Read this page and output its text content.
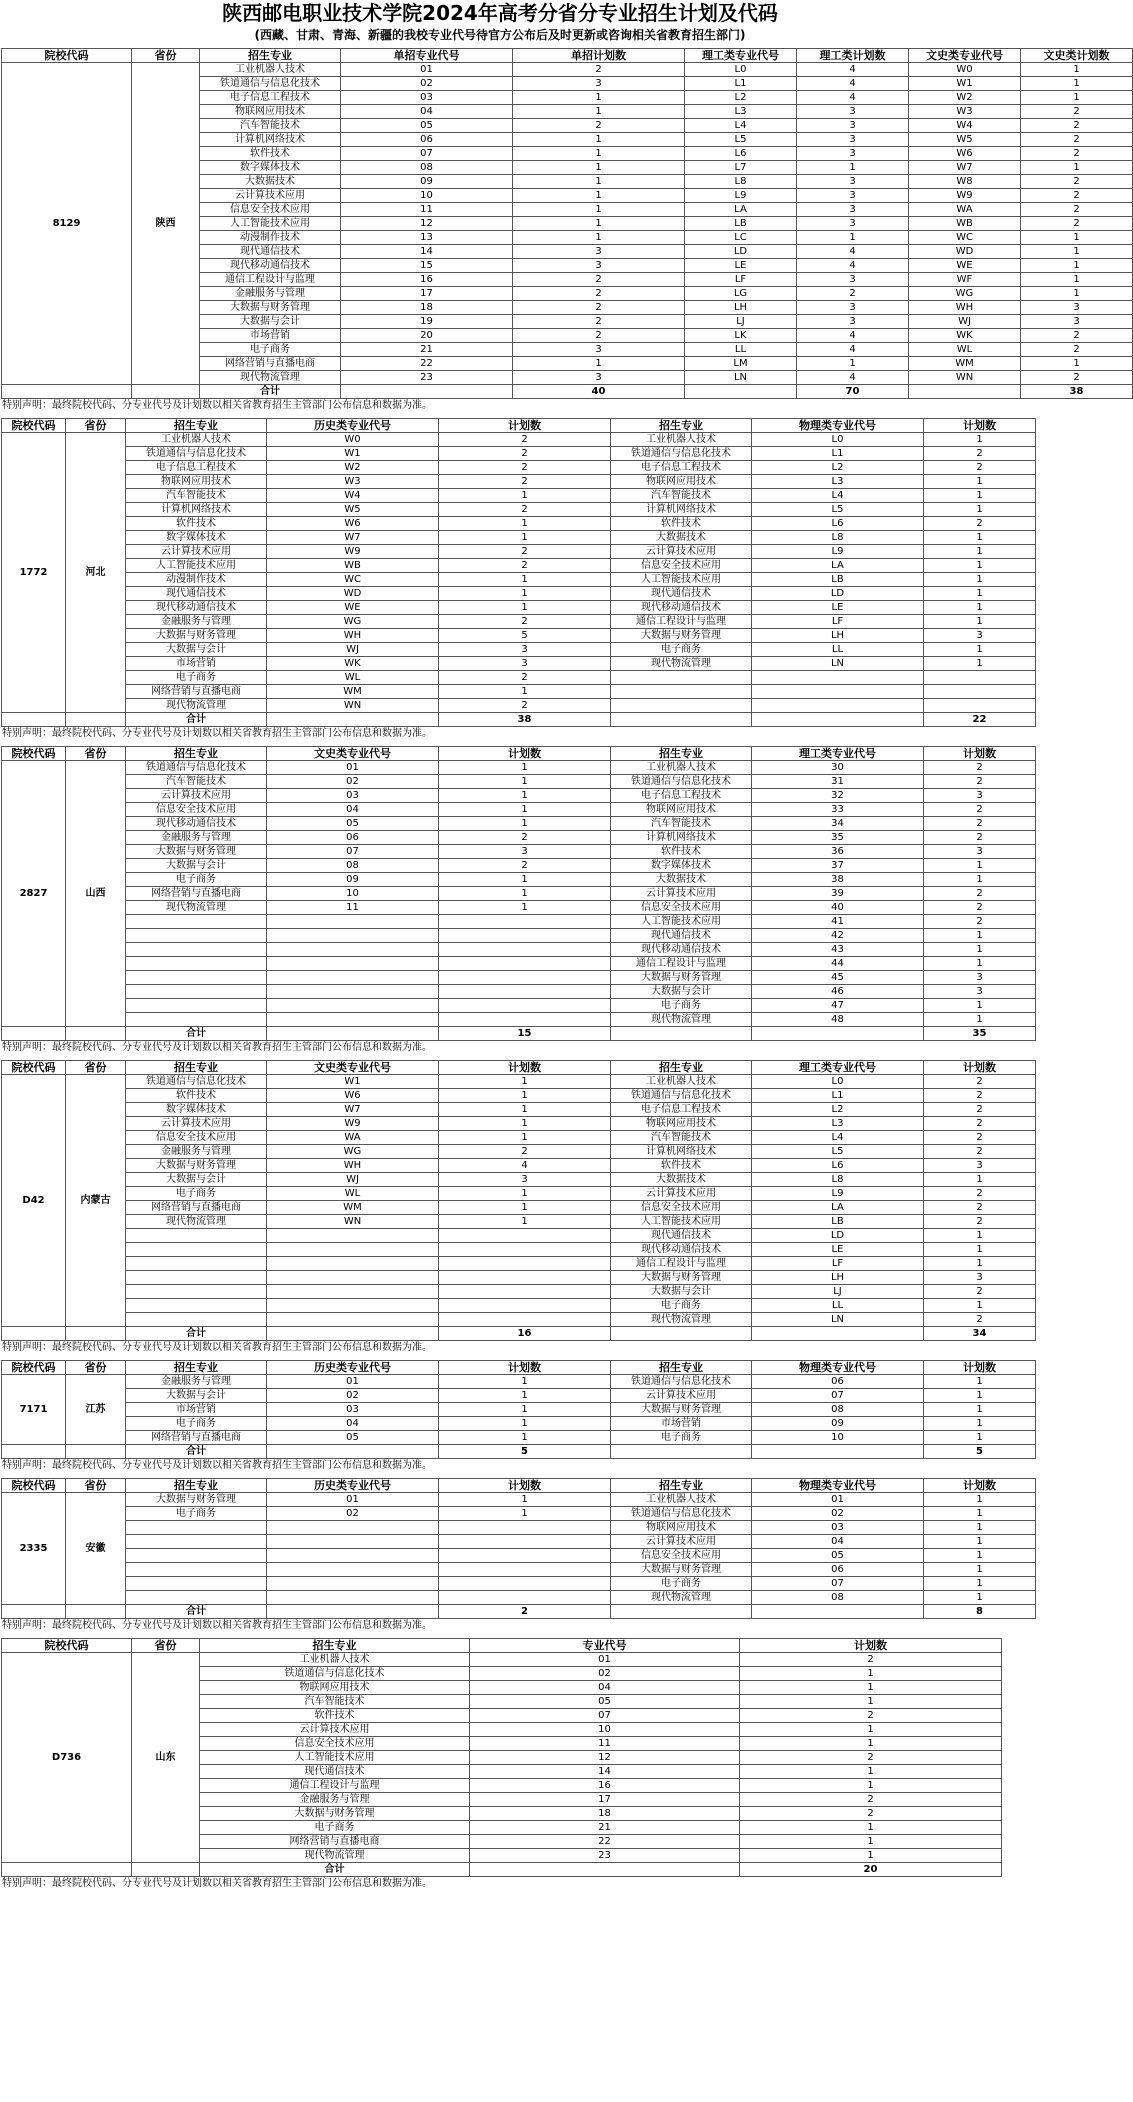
陕西邮电职业技术学院2024年高考分省分专业招生计划及代码
(西藏、甘肃、青海、新疆的我校专业代号待官方公布后及时更新或咨询相关省教育招生部门)
院校代码	省份	招生专业	单招专业代号	单招计划数	理工类专业代号	理工类计划数	文史类专业代号	文史类计划数
8129	陕西	工业机器人技术	01	2	L0	4	W0	1
		铁道通信与信息化技术	02	3	L1	4	W1	1
		电子信息工程技术	03	1	L2	4	W2	1
		物联网应用技术	04	1	L3	3	W3	2
		汽车智能技术	05	2	L4	3	W4	2
		计算机网络技术	06	1	L5	3	W5	2
		软件技术	07	1	L6	3	W6	2
		数字媒体技术	08	1	L7	1	W7	1
		大数据技术	09	1	L8	3	W8	2
		云计算技术应用	10	1	L9	3	W9	2
		信息安全技术应用	11	1	LA	3	WA	2
		人工智能技术应用	12	1	LB	3	WB	2
		动漫制作技术	13	1	LC	1	WC	1
		现代通信技术	14	3	LD	4	WD	1
		现代移动通信技术	15	3	LE	4	WE	1
		通信工程设计与监理	16	2	LF	3	WF	1
		金融服务与管理	17	2	LG	2	WG	1
		大数据与财务管理	18	2	LH	3	WH	3
		大数据与会计	19	2	LJ	3	WJ	3
		市场营销	20	2	LK	4	WK	2
		电子商务	21	3	LL	4	WL	2
		网络营销与直播电商	22	1	LM	1	WM	1
		现代物流管理	23	3	LN	4	WN	2
		合计		40		70		38
特别声明：最终院校代码、分专业代号及计划数以相关省教育招生主管部门公布信息和数据为准。
院校代码	省份	招生专业	历史类专业代号	计划数	招生专业	物理类专业代号	计划数
1772	河北	工业机器人技术	W0	2	工业机器人技术	L0	1
		铁道通信与信息化技术	W1	2	铁道通信与信息化技术	L1	2
		电子信息工程技术	W2	2	电子信息工程技术	L2	2
		物联网应用技术	W3	2	物联网应用技术	L3	1
		汽车智能技术	W4	1	汽车智能技术	L4	1
		计算机网络技术	W5	2	计算机网络技术	L5	1
		软件技术	W6	1	软件技术	L6	2
		数字媒体技术	W7	1	大数据技术	L8	1
		云计算技术应用	W9	2	云计算技术应用	L9	1
		人工智能技术应用	WB	2	信息安全技术应用	LA	1
		动漫制作技术	WC	1	人工智能技术应用	LB	1
		现代通信技术	WD	1	现代通信技术	LD	1
		现代移动通信技术	WE	1	现代移动通信技术	LE	1
		金融服务与管理	WG	2	通信工程设计与监理	LF	1
		大数据与财务管理	WH	5	大数据与财务管理	LH	3
		大数据与会计	WJ	3	电子商务	LL	1
		市场营销	WK	3	现代物流管理	LN	1
		电子商务	WL	2			
		网络营销与直播电商	WM	1			
		现代物流管理	WN	2			
		合计		38			22
特别声明：最终院校代码、分专业代号及计划数以相关省教育招生主管部门公布信息和数据为准。
院校代码	省份	招生专业	文史类专业代号	计划数	招生专业	理工类专业代号	计划数
2827	山西	铁道通信与信息化技术	01	1	工业机器人技术	30	2
		汽车智能技术	02	1	铁道通信与信息化技术	31	2
		云计算技术应用	03	1	电子信息工程技术	32	3
		信息安全技术应用	04	1	物联网应用技术	33	2
		现代移动通信技术	05	1	汽车智能技术	34	2
		金融服务与管理	06	2	计算机网络技术	35	2
		大数据与财务管理	07	3	软件技术	36	3
		大数据与会计	08	2	数字媒体技术	37	1
		电子商务	09	1	大数据技术	38	1
		网络营销与直播电商	10	1	云计算技术应用	39	2
		现代物流管理	11	1	信息安全技术应用	40	2
					人工智能技术应用	41	2
					现代通信技术	42	1
					现代移动通信技术	43	1
					通信工程设计与监理	44	1
					大数据与财务管理	45	3
					大数据与会计	46	3
					电子商务	47	1
					现代物流管理	48	1
		合计		15			35
特别声明：最终院校代码、分专业代号及计划数以相关省教育招生主管部门公布信息和数据为准。
院校代码	省份	招生专业	文史类专业代号	计划数	招生专业	理工类专业代号	计划数
D42	内蒙古	铁道通信与信息化技术	W1	1	工业机器人技术	L0	2
		软件技术	W6	1	铁道通信与信息化技术	L1	2
		数字媒体技术	W7	1	电子信息工程技术	L2	2
		云计算技术应用	W9	1	物联网应用技术	L3	2
		信息安全技术应用	WA	1	汽车智能技术	L4	2
		金融服务与管理	WG	2	计算机网络技术	L5	2
		大数据与财务管理	WH	4	软件技术	L6	3
		大数据与会计	WJ	3	大数据技术	L8	1
		电子商务	WL	1	云计算技术应用	L9	2
		网络营销与直播电商	WM	1	信息安全技术应用	LA	2
		现代物流管理	WN	1	人工智能技术应用	LB	2
					现代通信技术	LD	1
					现代移动通信技术	LE	1
					通信工程设计与监理	LF	1
					大数据与财务管理	LH	3
					大数据与会计	LJ	2
					电子商务	LL	1
					现代物流管理	LN	2
		合计		16			34
特别声明：最终院校代码、分专业代号及计划数以相关省教育招生主管部门公布信息和数据为准。
院校代码	省份	招生专业	历史类专业代号	计划数	招生专业	物理类专业代号	计划数
7171	江苏	金融服务与管理	01	1	铁道通信与信息化技术	06	1
		大数据与会计	02	1	云计算技术应用	07	1
		市场营销	03	1	大数据与财务管理	08	1
		电子商务	04	1	市场营销	09	1
		网络营销与直播电商	05	1	电子商务	10	1
		合计		5			5
特别声明：最终院校代码、分专业代号及计划数以相关省教育招生主管部门公布信息和数据为准。
院校代码	省份	招生专业	历史类专业代号	计划数	招生专业	物理类专业代号	计划数
2335	安徽	大数据与财务管理	01	1	工业机器人技术	01	1
		电子商务	02	1	铁道通信与信息化技术	02	1
					物联网应用技术	03	1
					云计算技术应用	04	1
					信息安全技术应用	05	1
					大数据与财务管理	06	1
					电子商务	07	1
					现代物流管理	08	1
		合计		2			8
特别声明：最终院校代码、分专业代号及计划数以相关省教育招生主管部门公布信息和数据为准。
院校代码	省份	招生专业	专业代号	计划数
D736	山东	工业机器人技术	01	2
		铁道通信与信息化技术	02	1
		物联网应用技术	04	1
		汽车智能技术	05	1
		软件技术	07	2
		云计算技术应用	10	1
		信息安全技术应用	11	1
		人工智能技术应用	12	2
		现代通信技术	14	1
		通信工程设计与监理	16	1
		金融服务与管理	17	2
		大数据与财务管理	18	2
		电子商务	21	1
		网络营销与直播电商	22	1
		现代物流管理	23	1
		合计		20
特别声明：最终院校代码、分专业代号及计划数以相关省教育招生主管部门公布信息和数据为准。
